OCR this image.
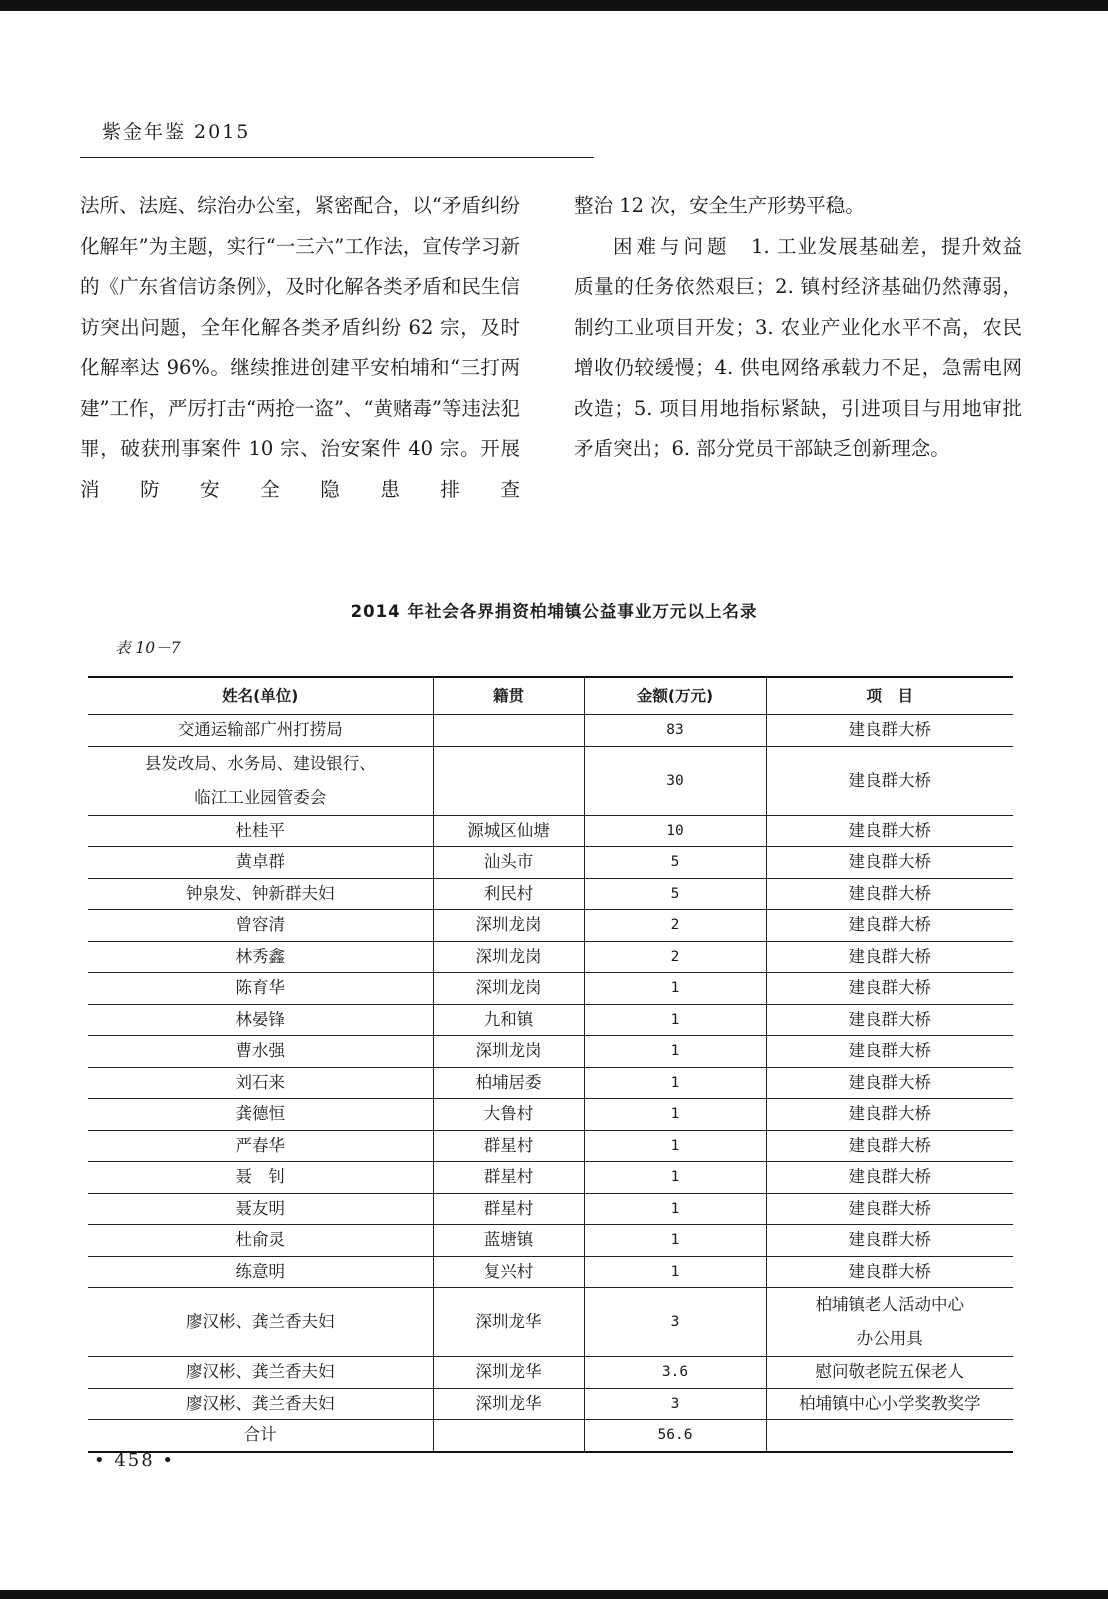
紫金年鉴 2015

法所、法庭、综治办公室，紧密配合，以“矛盾纠纷化解年”为主题，实行“一三六”工作法，宣传学习新的《广东省信访条例》，及时化解各类矛盾和民生信访突出问题，全年化解各类矛盾纠纷 62 宗，及时化解率达 96%。继续推进创建平安柏埔和“三打两建”工作，严厉打击“两抢一盗”、“黄赌毒”等违法犯罪，破获刑事案件 10 宗、治安案件 40 宗。开展消防安全隐患排查

整治 12 次，安全生产形势平稳。

困难与问题　1. 工业发展基础差，提升效益质量的任务依然艰巨；2. 镇村经济基础仍然薄弱，制约工业项目开发；3. 农业产业化水平不高，农民增收仍较缓慢；4. 供电网络承载力不足，急需电网改造；5. 项目用地指标紧缺，引进项目与用地审批矛盾突出；6. 部分党员干部缺乏创新理念。

2014 年社会各界捐资柏埔镇公益事业万元以上名录
表 10－7
姓名(单位)	籍贯	金额(万元)	项　目
交通运输部广州打捞局		83	建良群大桥

县发改局、水务局、建设银行、
临江工业园管委会		30	建良群大桥
杜桂平	源城区仙塘	10	建良群大桥
黄卓群	汕头市	5	建良群大桥
钟泉发、钟新群夫妇	利民村	5	建良群大桥
曾容清	深圳龙岗	2	建良群大桥
林秀鑫	深圳龙岗	2	建良群大桥
陈育华	深圳龙岗	1	建良群大桥
林晏锋	九和镇	1	建良群大桥
曹水强	深圳龙岗	1	建良群大桥
刘石来	柏埔居委	1	建良群大桥
龚德恒	大鲁村	1	建良群大桥
严春华	群星村	1	建良群大桥
聂　钊	群星村	1	建良群大桥
聂友明	群星村	1	建良群大桥
杜俞灵	蓝塘镇	1	建良群大桥
练意明	复兴村	1	建良群大桥
廖汉彬、龚兰香夫妇	深圳龙华	3	柏埔镇老人活动中心
办公用具

廖汉彬、龚兰香夫妇	深圳龙华	3.6	慰问敬老院五保老人
廖汉彬、龚兰香夫妇	深圳龙华	3	柏埔镇中心小学奖教奖学
合计		56.6	
• 458 •
